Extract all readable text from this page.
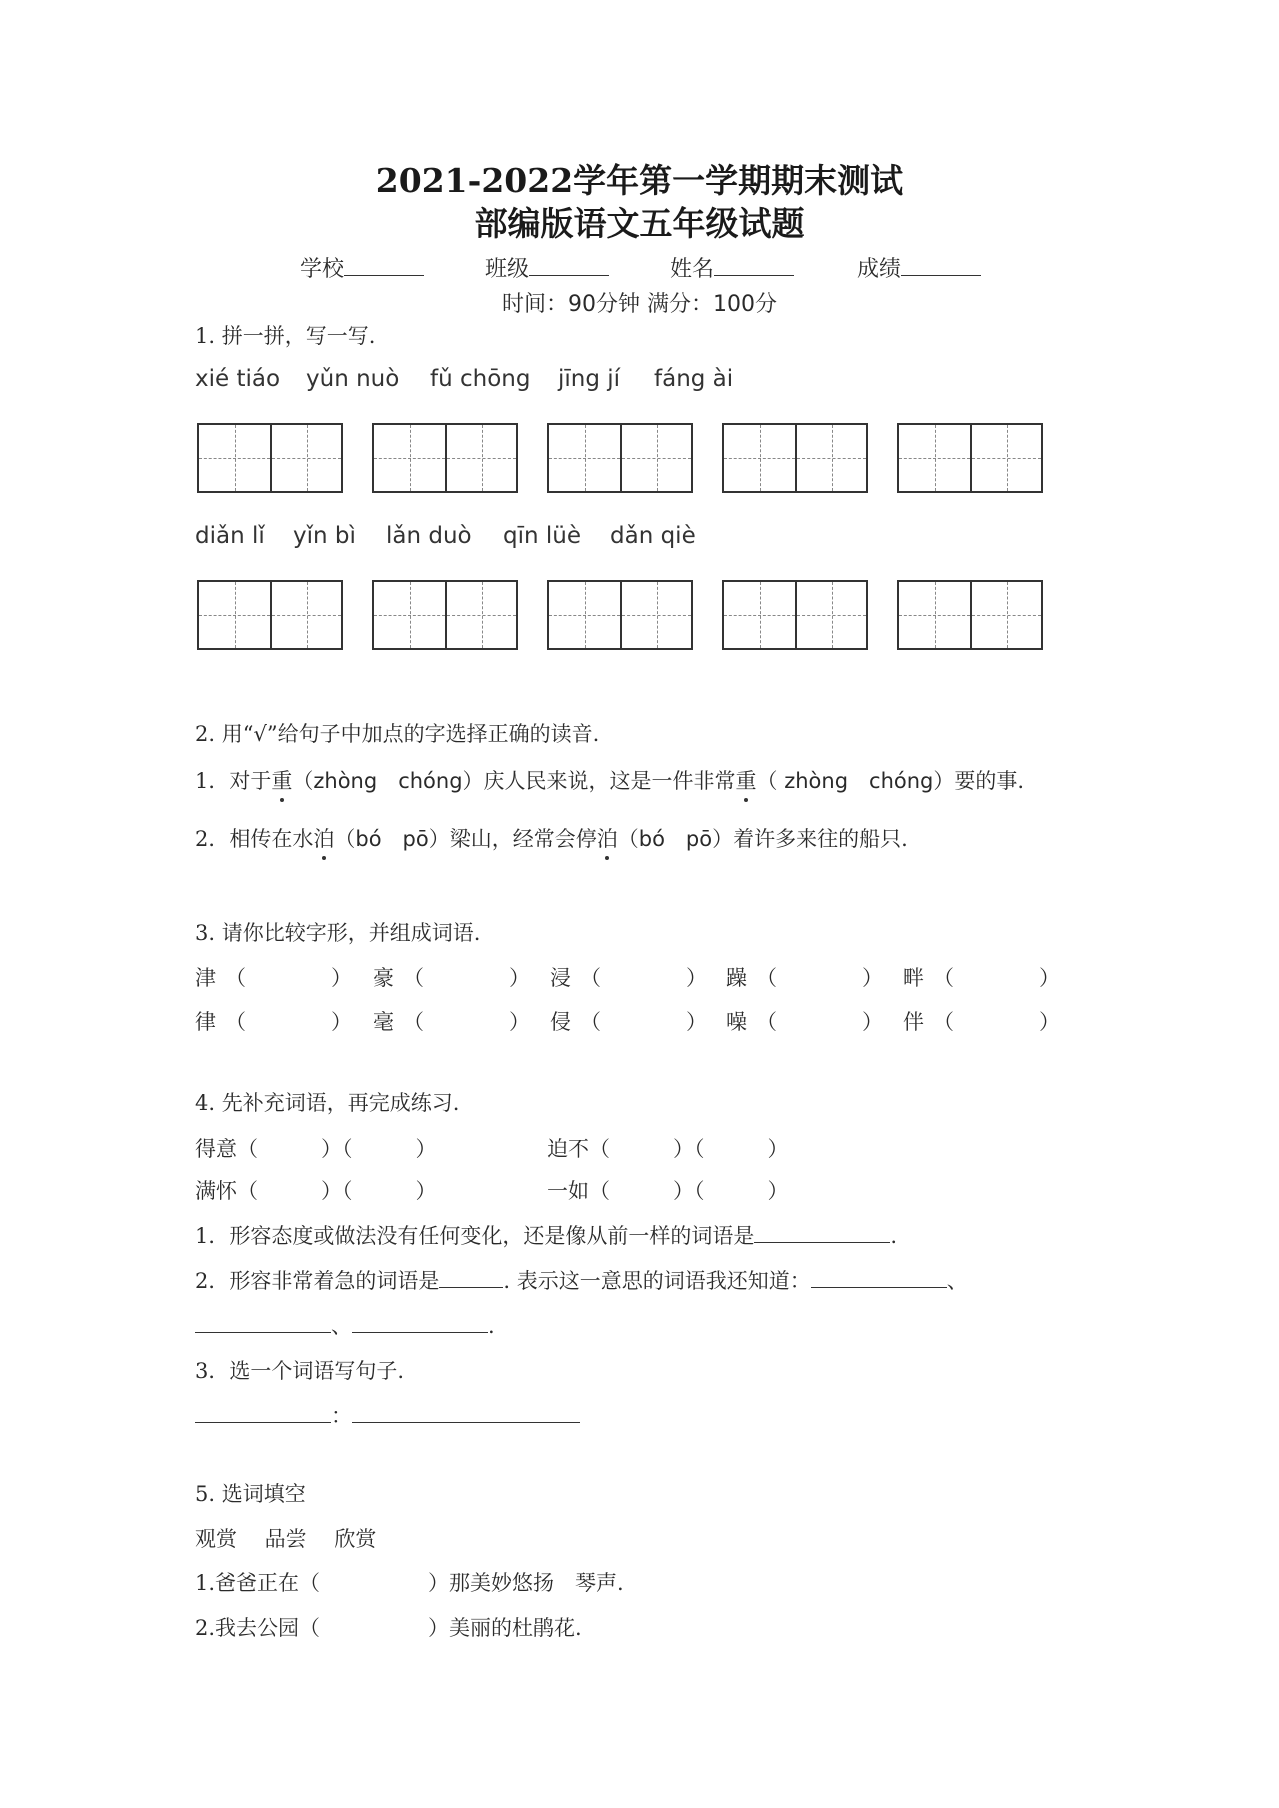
2021-2022学年第一学期期末测试
部编版语文五年级试题
学校	班级	姓名	成绩
时间：90分钟 满分：100分
1. 拼一拼，写一写.
xié tiáo yǔn nuò fǔ chōng jīng jí fáng ài
diǎn lǐ yǐn bì lǎn duò qīn lüè dǎn qiè
2. 用“√”给句子中加点的字选择正确的读音.
1．对于重（zhòng　chóng）庆人民来说，这是一件非常重（ zhòng　chóng）要的事.
2．相传在水泊（bó　pō）梁山，经常会停泊（bó　pō）着许多来往的船只.
3. 请你比较字形，并组成词语.
津 （	） 豪 （	） 浸 （	） 躁 （	） 畔 （	）
律 （	） 毫 （	） 侵 （	） 噪 （	） 伴 （	）
4. 先补充词语，再完成练习.
得意（　　　）（　　　）	迫不（　　　）（　　　）
满怀（　　　）（　　　）	一如（　　　）（　　　）
1．形容态度或做法没有任何变化，还是像从前一样的词语是	.
2．形容非常着急的词语是	. 表示这一意思的词语我还知道：	、
、	.
3．选一个词语写句子.
：
5. 选词填空
观赏　 品尝　 欣赏
1.爸爸正在（	）那美妙悠扬　琴声.
2.我去公园（	）美丽的杜鹃花.
